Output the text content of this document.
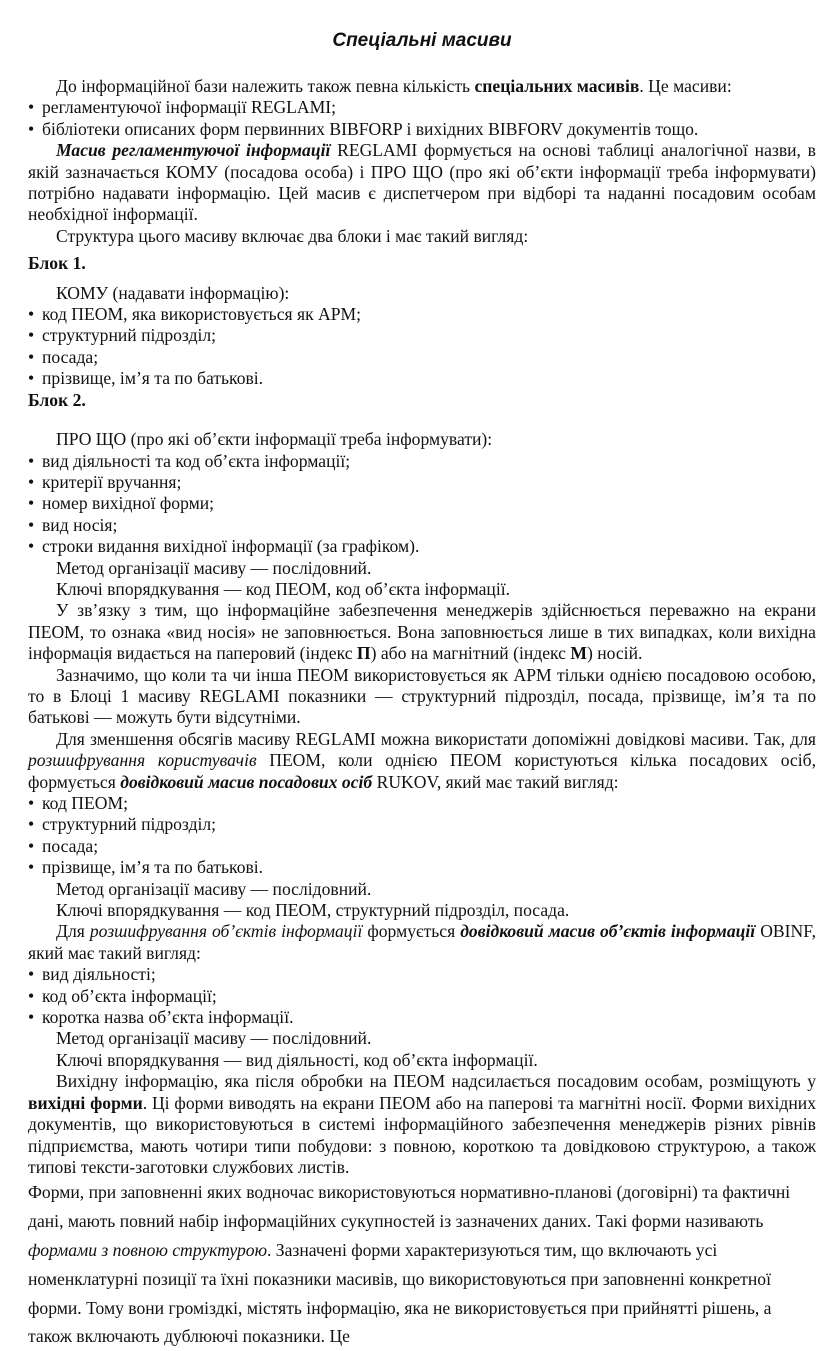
Спеціальні масиви

До інформаційної бази належить також певна кількість спеціальних масивів. Це масиви:

• регламентуючої інформації REGLAMI;

• бібліотеки описаних форм первинних BIBFORP і вихідних BIBFORV документів тощо.

Масив регламентуючої інформації REGLAMI формується на основі таблиці аналогічної назви, в якій зазначається КОМУ (посадова особа) і ПРО ЩО (про які об’єкти інформації треба інформувати) потрібно надавати інформацію. Цей масив є диспетчером при відборі та наданні посадовим особам необхідної інформації.

Структура цього масиву включає два блоки і має такий вигляд:

Блок 1.

КОМУ (надавати інформацію):

• код ПЕОМ, яка використовується як АРМ;

• структурний підрозділ;

• посада;

• прізвище, ім’я та по батькові.

Блок 2.

ПРО ЩО (про які об’єкти інформації треба інформувати):

• вид діяльності та код об’єкта інформації;

• критерії вручання;

• номер вихідної форми;

• вид носія;

• строки видання вихідної інформації (за графіком).

Метод організації масиву — послідовний.

Ключі впорядкування — код ПЕОМ, код об’єкта інформації.

У зв’язку з тим, що інформаційне забезпечення менеджерів здійснюється переважно на екрани ПЕОМ, то ознака «вид носія» не заповнюється. Вона заповнюється лише в тих випадках, коли вихідна інформація видається на паперовий (індекс П) або на магнітний (індекс М) носій.

Зазначимо, що коли та чи інша ПЕОМ використовується як АРМ тільки однією посадовою особою, то в Блоці 1 масиву REGLAMI показники — структурний підрозділ, посада, прізвище, ім’я та по батькові — можуть бути відсутніми.

Для зменшення обсягів масиву REGLAMI можна використати допоміжні довідкові масиви. Так, для розшифрування користувачів ПЕОМ, коли однією ПЕОМ користуються кілька посадових осіб, формується довідковий масив посадових осіб RUKOV, який має такий вигляд:

• код ПЕОМ;

• структурний підрозділ;

• посада;

• прізвище, ім’я та по батькові.

Метод організації масиву — послідовний.

Ключі впорядкування — код ПЕОМ, структурний підрозділ, посада.

Для розшифрування об’єктів інформації формується довідковий масив об’єктів інформації OBINF, який має такий вигляд:

• вид діяльності;

• код об’єкта інформації;

• коротка назва об’єкта інформації.

Метод організації масиву — послідовний.

Ключі впорядкування — вид діяльності, код об’єкта інформації.

Вихідну інформацію, яка після обробки на ПЕОМ надсилається посадовим особам, розміщують у вихідні форми. Ці форми виводять на екрани ПЕОМ або на паперові та магнітні носії. Форми вихідних документів, що використовуються в системі інформаційного забезпечення менеджерів різних рівнів підприємства, мають чотири типи побудови: з повною, короткою та довідковою структурою, а також типові тексти-заготовки службових листів.

Форми, при заповненні яких водночас використовуються нормативно-планові (договірні) та фактичні дані, мають повний набір інформаційних сукупностей із зазначених даних. Такі форми називають формами з повною структурою. Зазначені форми характеризуються тим, що включають усі номенклатурні позиції та їхні показники масивів, що використовуються при заповненні конкретної форми. Тому вони громіздкі, містять інформацію, яка не використовується при прийнятті рішень, а також включають дублюючі показники. Це
